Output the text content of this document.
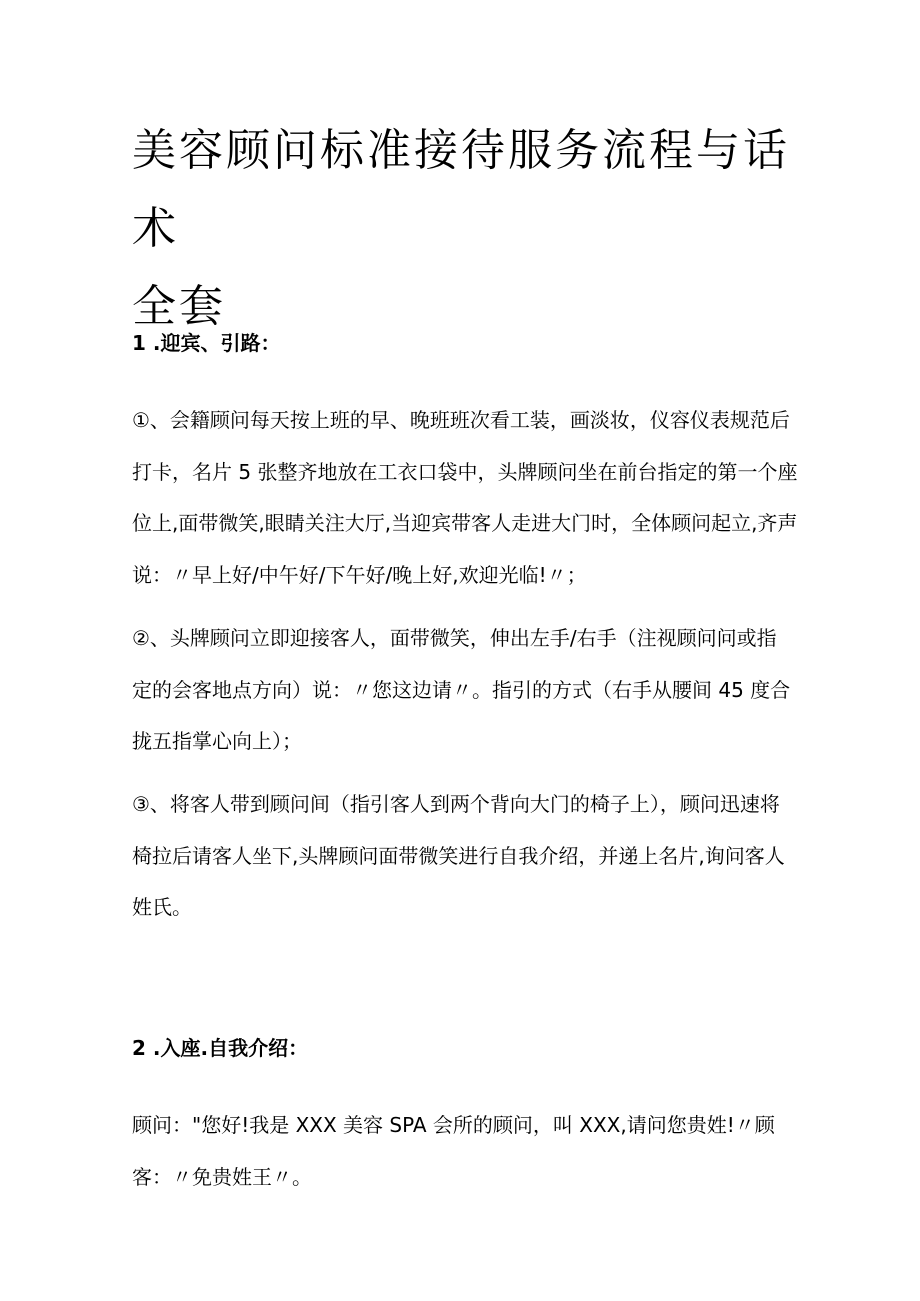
美容顾问标准接待服务流程与话术
全套
1 .迎宾、引路：
①、会籍顾问每天按上班的早、晚班班次看工装，画淡妆，仪容仪表规范后
打卡，名片 5 张整齐地放在工衣口袋中，头牌顾问坐在前台指定的第一个座
位上,面带微笑,眼睛关注大厅,当迎宾带客人走进大门时，全体顾问起立,齐声
说：〃早上好/中午好/下午好/晚上好,欢迎光临!〃；
②、头牌顾问立即迎接客人，面带微笑，伸出左手/右手（注视顾问问或指
定的会客地点方向）说：〃您这边请〃。指引的方式（右手从腰间 45 度合
拢五指掌心向上）；
③、将客人带到顾问间（指引客人到两个背向大门的椅子上），顾问迅速将
椅拉后请客人坐下,头牌顾问面带微笑进行自我介绍，并递上名片,询问客人
姓氏。
2 .入座.自我介绍：
顾问："您好!我是 XXX 美容 SPA 会所的顾问，叫 XXX,请问您贵姓!〃顾
客：〃免贵姓王〃。
